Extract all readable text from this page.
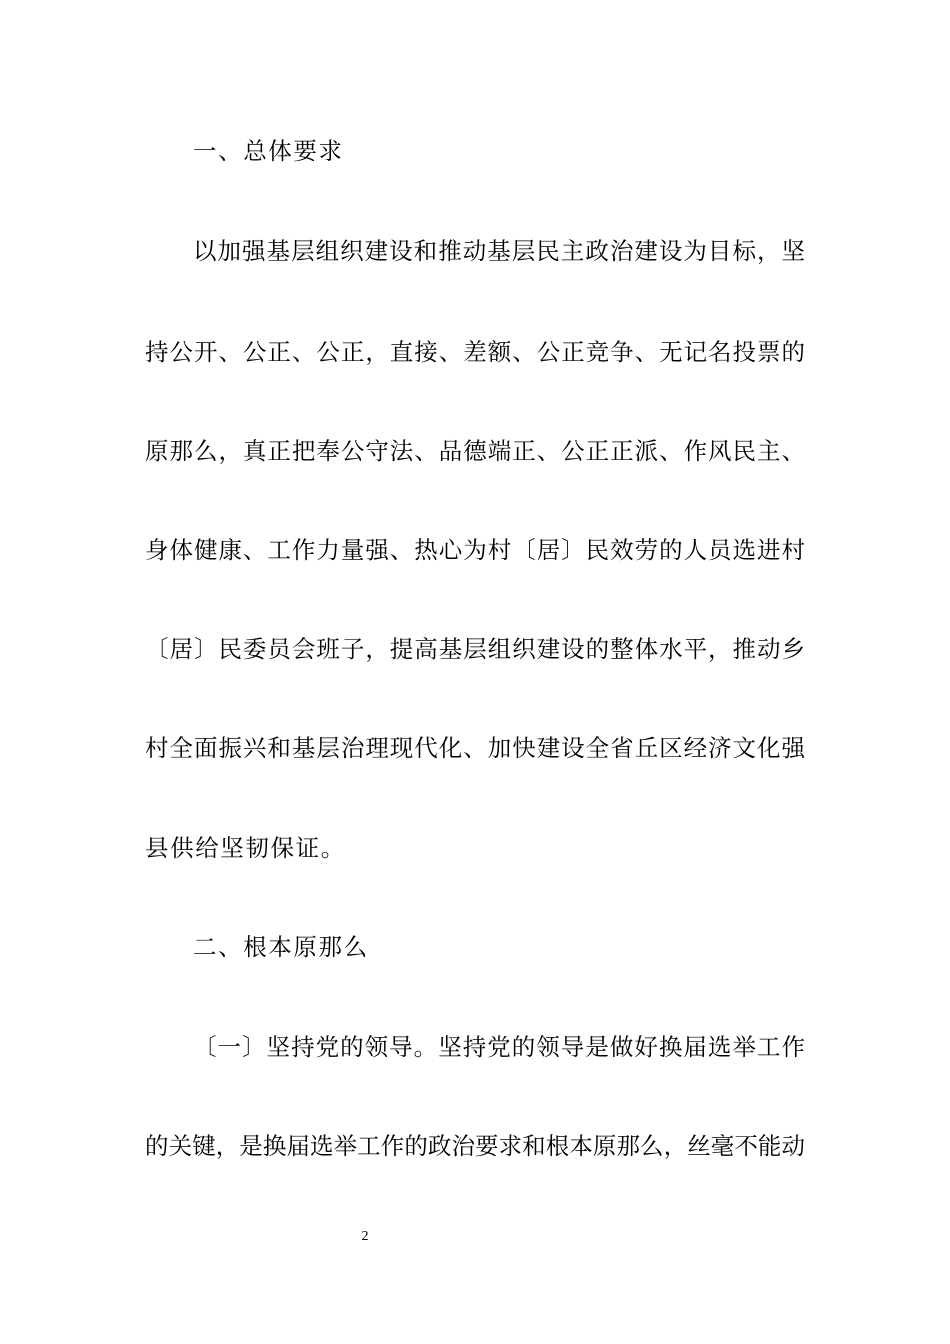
一、总体要求
以加强基层组织建设和推动基层民主政治建设为目标，坚
持公开、公正、公正，直接、差额、公正竞争、无记名投票的
原那么，真正把奉公守法、品德端正、公正正派、作风民主、
身体健康、工作力量强、热心为村〔居〕民效劳的人员选进村
〔居〕民委员会班子，提高基层组织建设的整体水平，推动乡
村全面振兴和基层治理现代化、加快建设全省丘区经济文化强
县供给坚韧保证。
二、根本原那么
〔一〕坚持党的领导。坚持党的领导是做好换届选举工作
的关键，是换届选举工作的政治要求和根本原那么，丝毫不能动
2
